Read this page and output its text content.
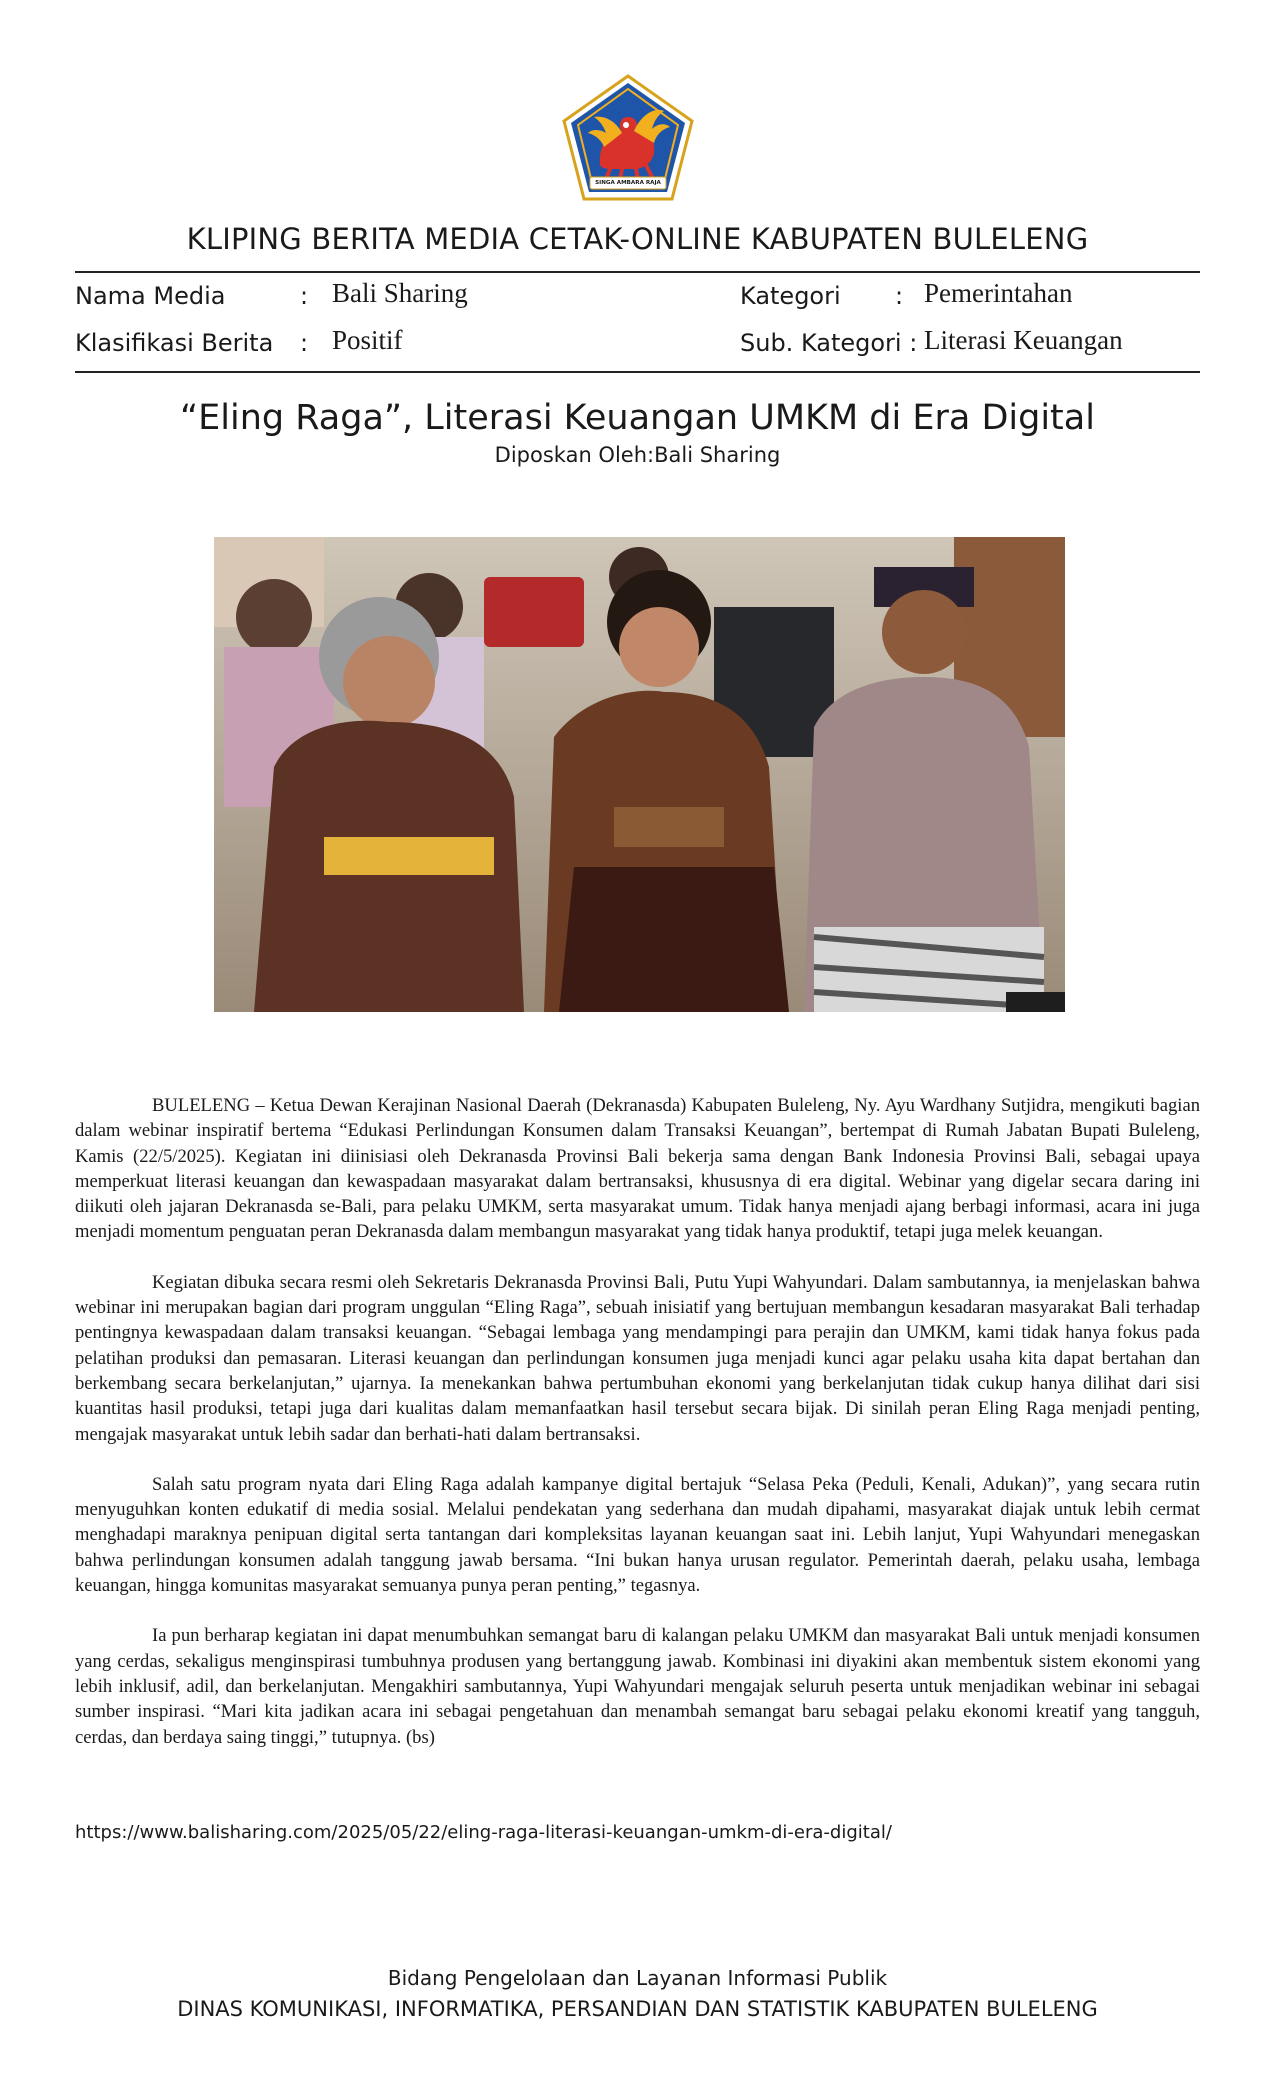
SINGA AMBARA RAJA
KLIPING BERITA MEDIA CETAK-ONLINE KABUPATEN BULELENG
Nama Media	: Bali Sharing	Kategori : Pemerintahan
Klasifikasi Berita : Positif	Sub. Kategori : Literasi Keuangan
“Eling Raga”, Literasi Keuangan UMKM di Era Digital
Diposkan Oleh:Bali Sharing

BULELENG – Ketua Dewan Kerajinan Nasional Daerah (Dekranasda) Kabupaten Buleleng, Ny. Ayu Wardhany Sutjidra, mengikuti bagian dalam webinar inspiratif bertema “Edukasi Perlindungan Konsumen dalam Transaksi Keuangan”, bertempat di Rumah Jabatan Bupati Buleleng, Kamis (22/5/2025). Kegiatan ini diinisiasi oleh Dekranasda Provinsi Bali bekerja sama dengan Bank Indonesia Provinsi Bali, sebagai upaya memperkuat literasi keuangan dan kewaspadaan masyarakat dalam bertransaksi, khususnya di era digital. Webinar yang digelar secara daring ini diikuti oleh jajaran Dekranasda se-Bali, para pelaku UMKM, serta masyarakat umum. Tidak hanya menjadi ajang berbagi informasi, acara ini juga menjadi momentum penguatan peran Dekranasda dalam membangun masyarakat yang tidak hanya produktif, tetapi juga melek keuangan.

Kegiatan dibuka secara resmi oleh Sekretaris Dekranasda Provinsi Bali, Putu Yupi Wahyundari. Dalam sambutannya, ia menjelaskan bahwa webinar ini merupakan bagian dari program unggulan “Eling Raga”, sebuah inisiatif yang bertujuan membangun kesadaran masyarakat Bali terhadap pentingnya kewaspadaan dalam transaksi keuangan. “Sebagai lembaga yang mendampingi para perajin dan UMKM, kami tidak hanya fokus pada pelatihan produksi dan pemasaran. Literasi keuangan dan perlindungan konsumen juga menjadi kunci agar pelaku usaha kita dapat bertahan dan berkembang secara berkelanjutan,” ujarnya. Ia menekankan bahwa pertumbuhan ekonomi yang berkelanjutan tidak cukup hanya dilihat dari sisi kuantitas hasil produksi, tetapi juga dari kualitas dalam memanfaatkan hasil tersebut secara bijak. Di sinilah peran Eling Raga menjadi penting, mengajak masyarakat untuk lebih sadar dan berhati-hati dalam bertransaksi.

Salah satu program nyata dari Eling Raga adalah kampanye digital bertajuk “Selasa Peka (Peduli, Kenali, Adukan)”, yang secara rutin menyuguhkan konten edukatif di media sosial. Melalui pendekatan yang sederhana dan mudah dipahami, masyarakat diajak untuk lebih cermat menghadapi maraknya penipuan digital serta tantangan dari kompleksitas layanan keuangan saat ini. Lebih lanjut, Yupi Wahyundari menegaskan bahwa perlindungan konsumen adalah tanggung jawab bersama. “Ini bukan hanya urusan regulator. Pemerintah daerah, pelaku usaha, lembaga keuangan, hingga komunitas masyarakat semuanya punya peran penting,” tegasnya.

Ia pun berharap kegiatan ini dapat menumbuhkan semangat baru di kalangan pelaku UMKM dan masyarakat Bali untuk menjadi konsumen yang cerdas, sekaligus menginspirasi tumbuhnya produsen yang bertanggung jawab. Kombinasi ini diyakini akan membentuk sistem ekonomi yang lebih inklusif, adil, dan berkelanjutan. Mengakhiri sambutannya, Yupi Wahyundari mengajak seluruh peserta untuk menjadikan webinar ini sebagai sumber inspirasi. “Mari kita jadikan acara ini sebagai pengetahuan dan menambah semangat baru sebagai pelaku ekonomi kreatif yang tangguh, cerdas, dan berdaya saing tinggi,” tutupnya. (bs)

https://www.balisharing.com/2025/05/22/eling-raga-literasi-keuangan-umkm-di-era-digital/
Bidang Pengelolaan dan Layanan Informasi Publik
DINAS KOMUNIKASI, INFORMATIKA, PERSANDIAN DAN STATISTIK KABUPATEN BULELENG
